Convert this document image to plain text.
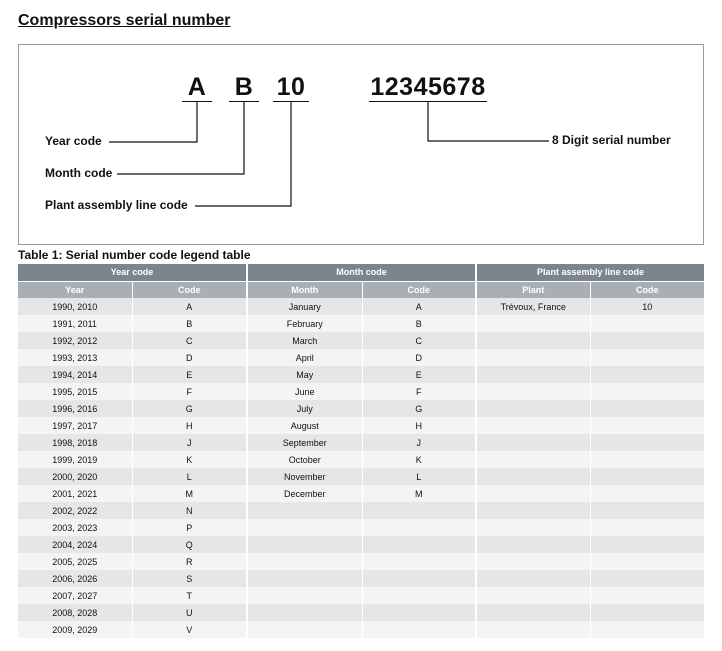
Compressors serial number
A B 10	12345678
Year code
Month code
Plant assembly line code
8 Digit serial number

Table 1: Serial number code legend table

Year code		Month code		Plant assembly line code	
Year	Code	Month	Code	Plant	Code
1990, 2010	A	January	A	Trévoux, France	10
1991, 2011	B	February	B		
1992, 2012	C	March	C		
1993, 2013	D	April	D		
1994, 2014	E	May	E		
1995, 2015	F	June	F		
1996, 2016	G	July	G		
1997, 2017	H	August	H		
1998, 2018	J	September	J		
1999, 2019	K	October	K		
2000, 2020	L	November	L		
2001, 2021	M	December	M		
2002, 2022	N				
2003, 2023	P				
2004, 2024	Q				
2005, 2025	R				
2006, 2026	S				
2007, 2027	T				
2008, 2028	U				
2009, 2029	V				
